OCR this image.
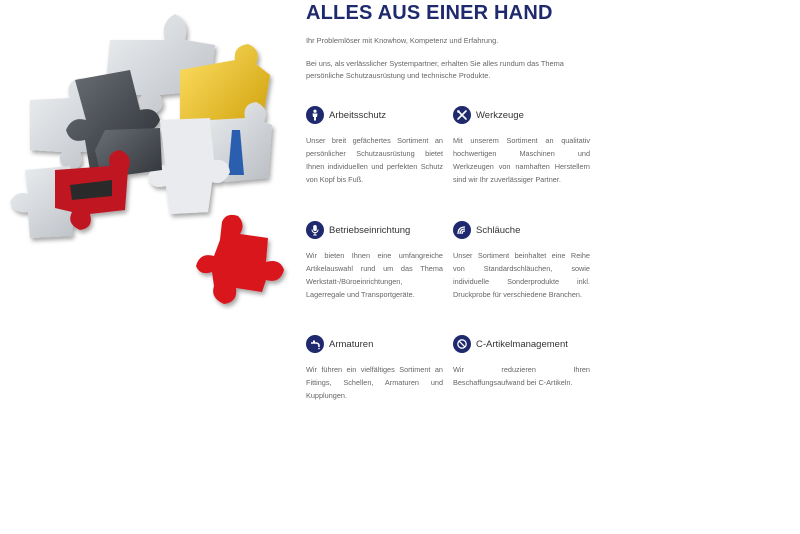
ALLES AUS EINER HAND

Ihr Problemlöser mit Knowhow, Kompetenz und Erfahrung.

Bei uns, als verlässlicher Systempartner, erhalten Sie alles rundum das Thema persönliche Schutzausrüstung und technische Produkte.

Arbeitsschutz

Unser breit gefächertes Sortiment an persönlicher Schutzausrüstung bietet Ihnen individuellen und perfekten Schutz von Kopf bis Fuß.

Werkzeuge

Mit unserem Sortiment an qualitativ hochwertigen Maschinen und Werkzeugen von namhaften Herstellern sind wir Ihr zuverlässiger Partner.

Betriebseinrichtung

Wir bieten Ihnen eine umfangreiche Artikelauswahl rund um das Thema Werkstatt-/Büroeinrichtungen, Lagerregale und Transportgeräte.

Schläuche

Unser Sortiment beinhaltet eine Reihe von Standardschläuchen, sowie individuelle Sonderprodukte inkl. Druckprobe für verschiedene Branchen.

Armaturen

Wir führen ein vielfältiges Sortiment an Fittings, Schellen, Armaturen und Kupplungen.

C-Artikelmanagement

Wir reduzieren Ihren Beschaffungsaufwand bei C-Artikeln.
